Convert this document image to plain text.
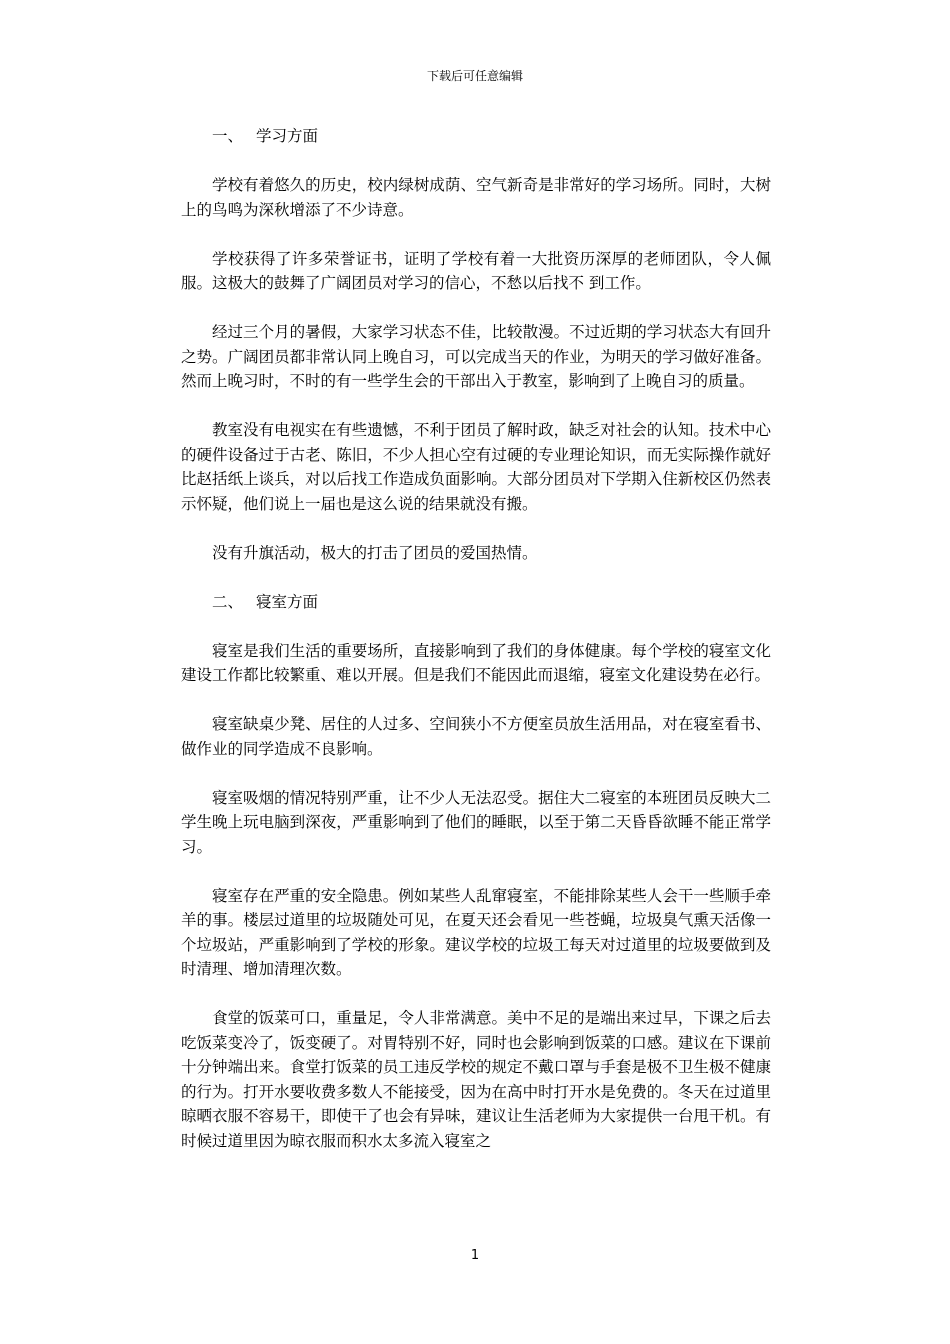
下载后可任意编辑
一、 学习方面

学校有着悠久的历史，校内绿树成荫、空气新奇是非常好的学习场所。同时，大树上的鸟鸣为深秋增添了不少诗意。

学校获得了许多荣誉证书，证明了学校有着一大批资历深厚的老师团队，令人佩服。这极大的鼓舞了广阔团员对学习的信心，不愁以后找不 到工作。

经过三个月的暑假，大家学习状态不佳，比较散漫。不过近期的学习状态大有回升之势。广阔团员都非常认同上晚自习，可以完成当天的作业，为明天的学习做好准备。然而上晚习时，不时的有一些学生会的干部出入于教室，影响到了上晚自习的质量。

教室没有电视实在有些遗憾，不利于团员了解时政，缺乏对社会的认知。技术中心的硬件设备过于古老、陈旧，不少人担心空有过硬的专业理论知识，而无实际操作就好比赵括纸上谈兵，对以后找工作造成负面影响。大部分团员对下学期入住新校区仍然表示怀疑，他们说上一届也是这么说的结果就没有搬。

没有升旗活动，极大的打击了团员的爱国热情。

二、 寝室方面

寝室是我们生活的重要场所，直接影响到了我们的身体健康。每个学校的寝室文化建设工作都比较繁重、难以开展。但是我们不能因此而退缩，寝室文化建设势在必行。

寝室缺桌少凳、居住的人过多、空间狭小不方便室员放生活用品，对在寝室看书、做作业的同学造成不良影响。

寝室吸烟的情况特别严重，让不少人无法忍受。据住大二寝室的本班团员反映大二学生晚上玩电脑到深夜，严重影响到了他们的睡眠，以至于第二天昏昏欲睡不能正常学习。

寝室存在严重的安全隐患。例如某些人乱窜寝室，不能排除某些人会干一些顺手牵羊的事。楼层过道里的垃圾随处可见，在夏天还会看见一些苍蝇，垃圾臭气熏天活像一个垃圾站，严重影响到了学校的形象。建议学校的垃圾工每天对过道里的垃圾要做到及时清理、增加清理次数。

食堂的饭菜可口，重量足，令人非常满意。美中不足的是端出来过早，下课之后去吃饭菜变冷了，饭变硬了。对胃特别不好，同时也会影响到饭菜的口感。建议在下课前十分钟端出来。食堂打饭菜的员工违反学校的规定不戴口罩与手套是极不卫生极不健康的行为。打开水要收费多数人不能接受，因为在高中时打开水是免费的。冬天在过道里晾晒衣服不容易干，即使干了也会有异味，建议让生活老师为大家提供一台甩干机。有时候过道里因为晾衣服而积水太多流入寝室之

1
